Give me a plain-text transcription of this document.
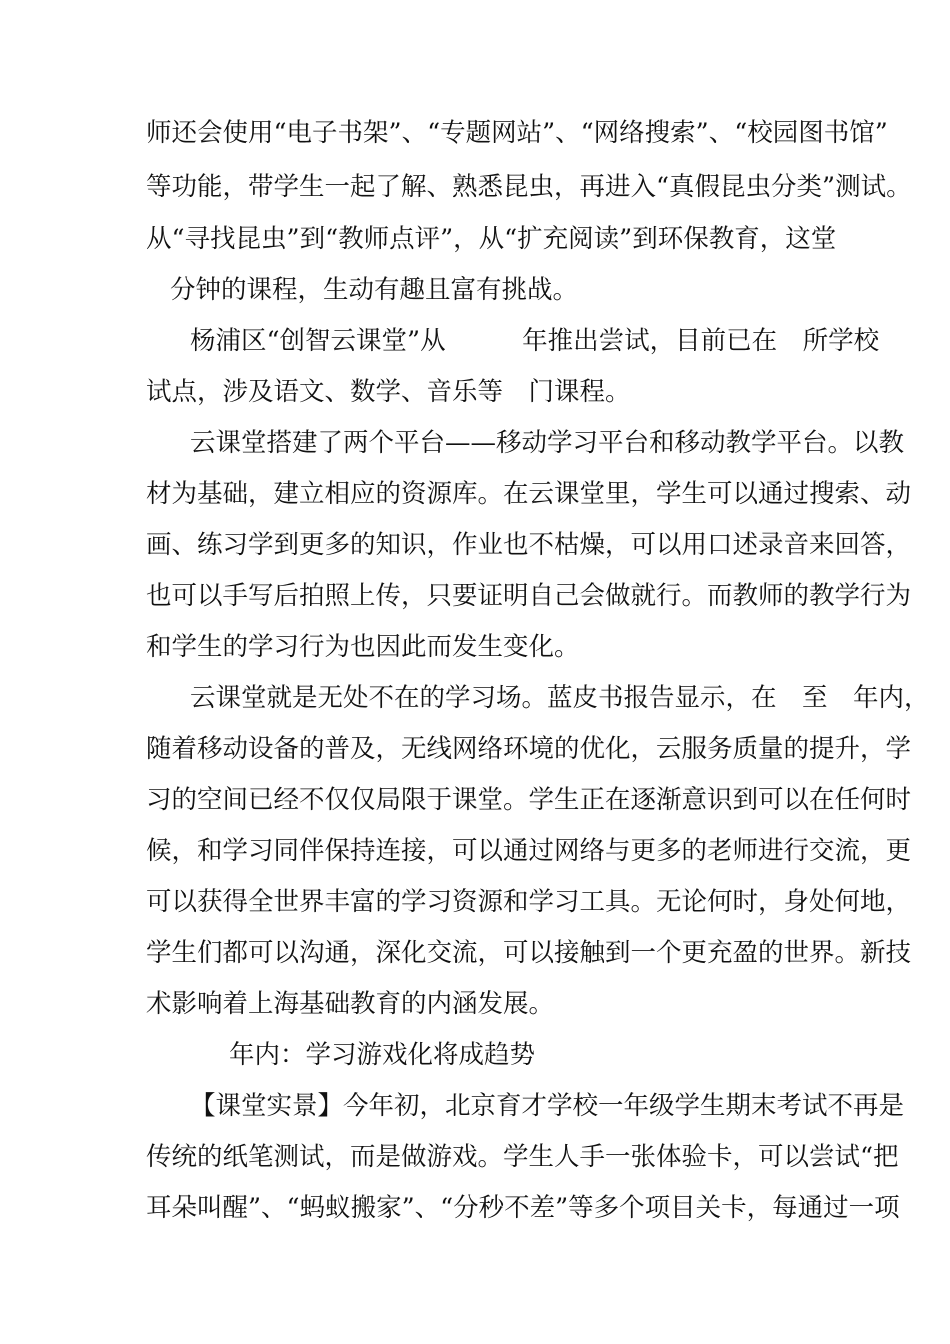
师还会使用“电子书架”、“专题网站”、“网络搜索”、“校园图书馆”
等功能，带学生一起了解、熟悉昆虫，再进入“真假昆虫分类”测试。
从“寻找昆虫”到“教师点评”，从“扩充阅读”到环保教育，这堂
分钟的课程，生动有趣且富有挑战。
杨浦区“创智云课堂”从　　　年推出尝试，目前已在　所学校
试点，涉及语文、数学、音乐等　门课程。
云课堂搭建了两个平台——移动学习平台和移动教学平台。以教
材为基础，建立相应的资源库。在云课堂里，学生可以通过搜索、动
画、练习学到更多的知识，作业也不枯燥，可以用口述录音来回答，
也可以手写后拍照上传，只要证明自己会做就行。而教师的教学行为
和学生的学习行为也因此而发生变化。
云课堂就是无处不在的学习场。蓝皮书报告显示，在　至　年内，
随着移动设备的普及，无线网络环境的优化，云服务质量的提升，学
习的空间已经不仅仅局限于课堂。学生正在逐渐意识到可以在任何时
候，和学习同伴保持连接，可以通过网络与更多的老师进行交流，更
可以获得全世界丰富的学习资源和学习工具。无论何时，身处何地，
学生们都可以沟通，深化交流，可以接触到一个更充盈的世界。新技
术影响着上海基础教育的内涵发展。
年内：学习游戏化将成趋势
【课堂实景】今年初，北京育才学校一年级学生期末考试不再是
传统的纸笔测试，而是做游戏。学生人手一张体验卡，可以尝试“把
耳朵叫醒”、“蚂蚁搬家”、“分秒不差”等多个项目关卡，每通过一项
